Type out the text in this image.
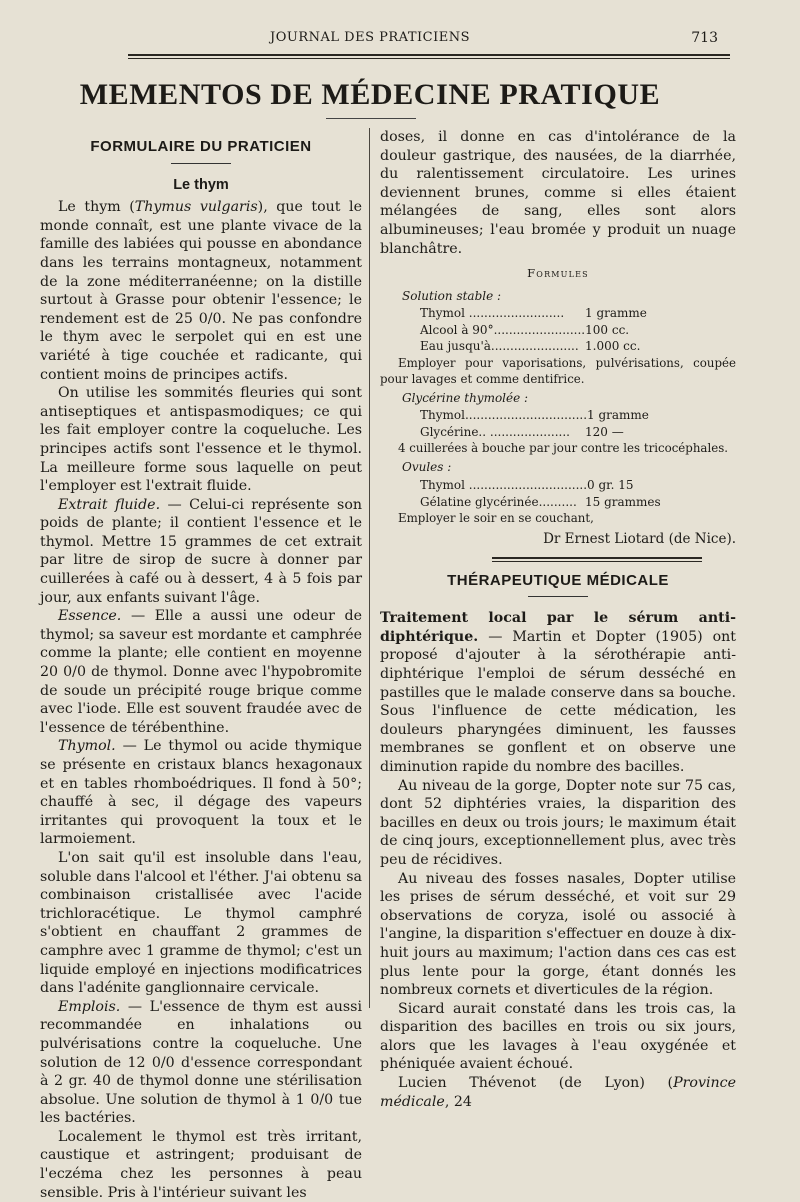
JOURNAL DES PRATICIENS	713
MEMENTOS DE MÉDECINE PRATIQUE
FORMULAIRE DU PRATICIEN
Le thym

Le thym (Thymus vulgaris), que tout le monde connaît, est une plante vivace de la famille des labiées qui pousse en abondance dans les terrains montagneux, notamment de la zone méditerranéenne; on la distille surtout à Grasse pour obtenir l'essence; le rendement est de 25 0/0. Ne pas confondre le thym avec le serpolet qui en est une variété à tige couchée et radicante, qui contient moins de principes actifs.

On utilise les sommités fleuries qui sont antiseptiques et antispasmodiques; ce qui les fait employer contre la coqueluche. Les principes actifs sont l'essence et le thymol. La meilleure forme sous laquelle on peut l'employer est l'extrait fluide.

Extrait fluide. — Celui-ci représente son poids de plante; il contient l'essence et le thymol. Mettre 15 grammes de cet extrait par litre de sirop de sucre à donner par cuillerées à café ou à dessert, 4 à 5 fois par jour, aux enfants suivant l'âge.

Essence. — Elle a aussi une odeur de thymol; sa saveur est mordante et camphrée comme la plante; elle contient en moyenne 20 0/0 de thymol. Donne avec l'hypobromite de soude un précipité rouge brique comme avec l'iode. Elle est souvent fraudée avec de l'essence de térébenthine.

Thymol. — Le thymol ou acide thymique se présente en cristaux blancs hexagonaux et en tables rhomboédriques. Il fond à 50°; chauffé à sec, il dégage des vapeurs irritantes qui provoquent la toux et le larmoiement.

L'on sait qu'il est insoluble dans l'eau, soluble dans l'alcool et l'éther. J'ai obtenu sa combinaison cristallisée avec l'acide trichloracétique. Le thymol camphré s'obtient en chauffant 2 grammes de camphre avec 1 gramme de thymol; c'est un liquide employé en injections modificatrices dans l'adénite ganglionnaire cervicale.

Emplois. — L'essence de thym est aussi recommandée en inhalations ou pulvérisations contre la coqueluche. Une solution de 12 0/0 d'essence correspondant à 2 gr. 40 de thymol donne une stérilisation absolue. Une solution de thymol à 1 0/0 tue les bactéries.

Localement le thymol est très irritant, caustique et astringent; produisant de l'eczéma chez les personnes à peau sensible. Pris à l'intérieur suivant les

doses, il donne en cas d'intolérance de la douleur gastrique, des nausées, de la diarrhée, du ralentissement circulatoire. Les urines deviennent brunes, comme si elles étaient mélangées de sang, elles sont alors albumineuses; l'eau bromée y produit un nuage blanchâtre.

Formules
Solution stable :
Thymol ......................... 1 gramme
Alcool à 90°........................ 100 cc.
Eau jusqu'à....................... 1.000 cc.

Employer pour vaporisations, pulvérisations, coupée pour lavages et comme dentifrice.

Glycérine thymolée :
Thymol................................ 1 gramme
Glycérine.. ..................... 120 —

4 cuillerées à bouche par jour contre les tricocéphales.

Ovules :
Thymol ............................... 0 gr. 15
Gélatine glycérinée.......... 15 grammes

Employer le soir en se couchant,

Dr Ernest Liotard (de Nice).
THÉRAPEUTIQUE MÉDICALE

Traitement local par le sérum anti-diphtérique. — Martin et Dopter (1905) ont proposé d'ajouter à la sérothérapie anti-diphtérique l'emploi de sérum desséché en pastilles que le malade conserve dans sa bouche. Sous l'influence de cette médication, les douleurs pharyngées diminuent, les fausses membranes se gonflent et on observe une diminution rapide du nombre des bacilles.

Au niveau de la gorge, Dopter note sur 75 cas, dont 52 diphtéries vraies, la disparition des bacilles en deux ou trois jours; le maximum était de cinq jours, exceptionnellement plus, avec très peu de récidives.

Au niveau des fosses nasales, Dopter utilise les prises de sérum desséché, et voit sur 29 observations de coryza, isolé ou associé à l'angine, la disparition s'effectuer en douze à dix-huit jours au maximum; l'action dans ces cas est plus lente pour la gorge, étant donnés les nombreux cornets et diverticules de la région.

Sicard aurait constaté dans les trois cas, la disparition des bacilles en trois ou six jours, alors que les lavages à l'eau oxygénée et phéniquée avaient échoué.

Lucien Thévenot (de Lyon) (Province médicale, 24
